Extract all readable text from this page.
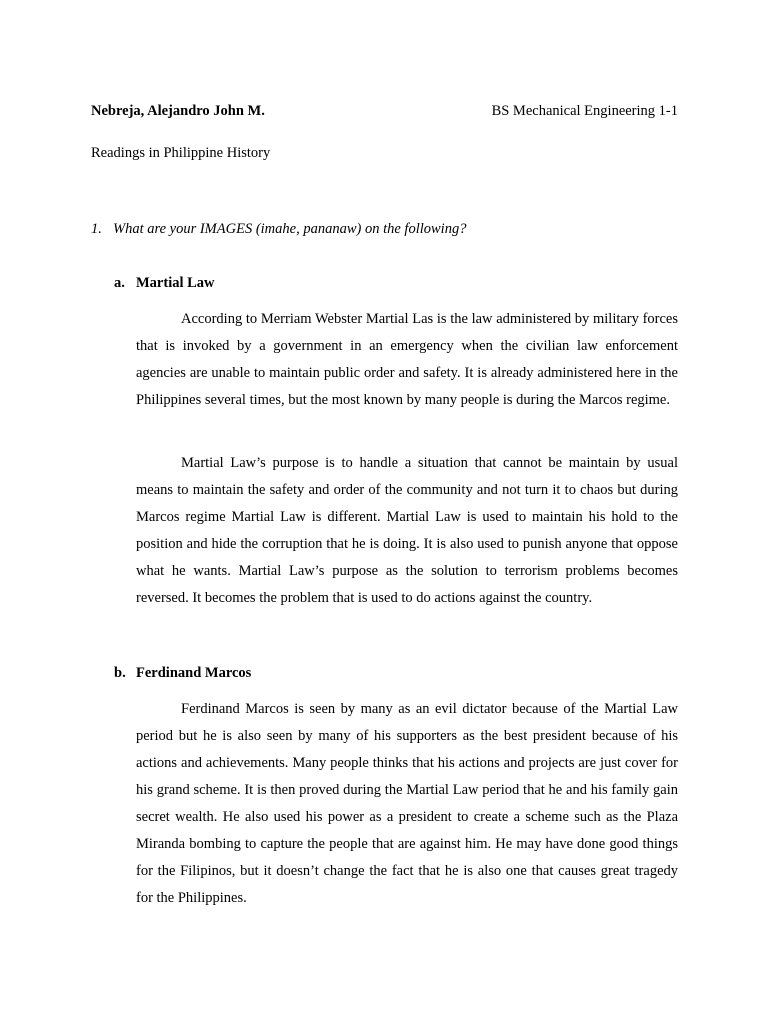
Nebreja, Alejandro John M.	BS Mechanical Engineering 1-1
Readings in Philippine History
1. What are your IMAGES (imahe, pananaw) on the following?
a. Martial Law

According to Merriam Webster Martial Las is the law administered by military forces that is invoked by a government in an emergency when the civilian law enforcement agencies are unable to maintain public order and safety. It is already administered here in the Philippines several times, but the most known by many people is during the Marcos regime.

Martial Law’s purpose is to handle a situation that cannot be maintain by usual means to maintain the safety and order of the community and not turn it to chaos but during Marcos regime Martial Law is different. Martial Law is used to maintain his hold to the position and hide the corruption that he is doing. It is also used to punish anyone that oppose what he wants. Martial Law’s purpose as the solution to terrorism problems becomes reversed. It becomes the problem that is used to do actions against the country.

b. Ferdinand Marcos

Ferdinand Marcos is seen by many as an evil dictator because of the Martial Law period but he is also seen by many of his supporters as the best president because of his actions and achievements. Many people thinks that his actions and projects are just cover for his grand scheme. It is then proved during the Martial Law period that he and his family gain secret wealth. He also used his power as a president to create a scheme such as the Plaza Miranda bombing to capture the people that are against him. He may have done good things for the Filipinos, but it doesn’t change the fact that he is also one that causes great tragedy for the Philippines.
